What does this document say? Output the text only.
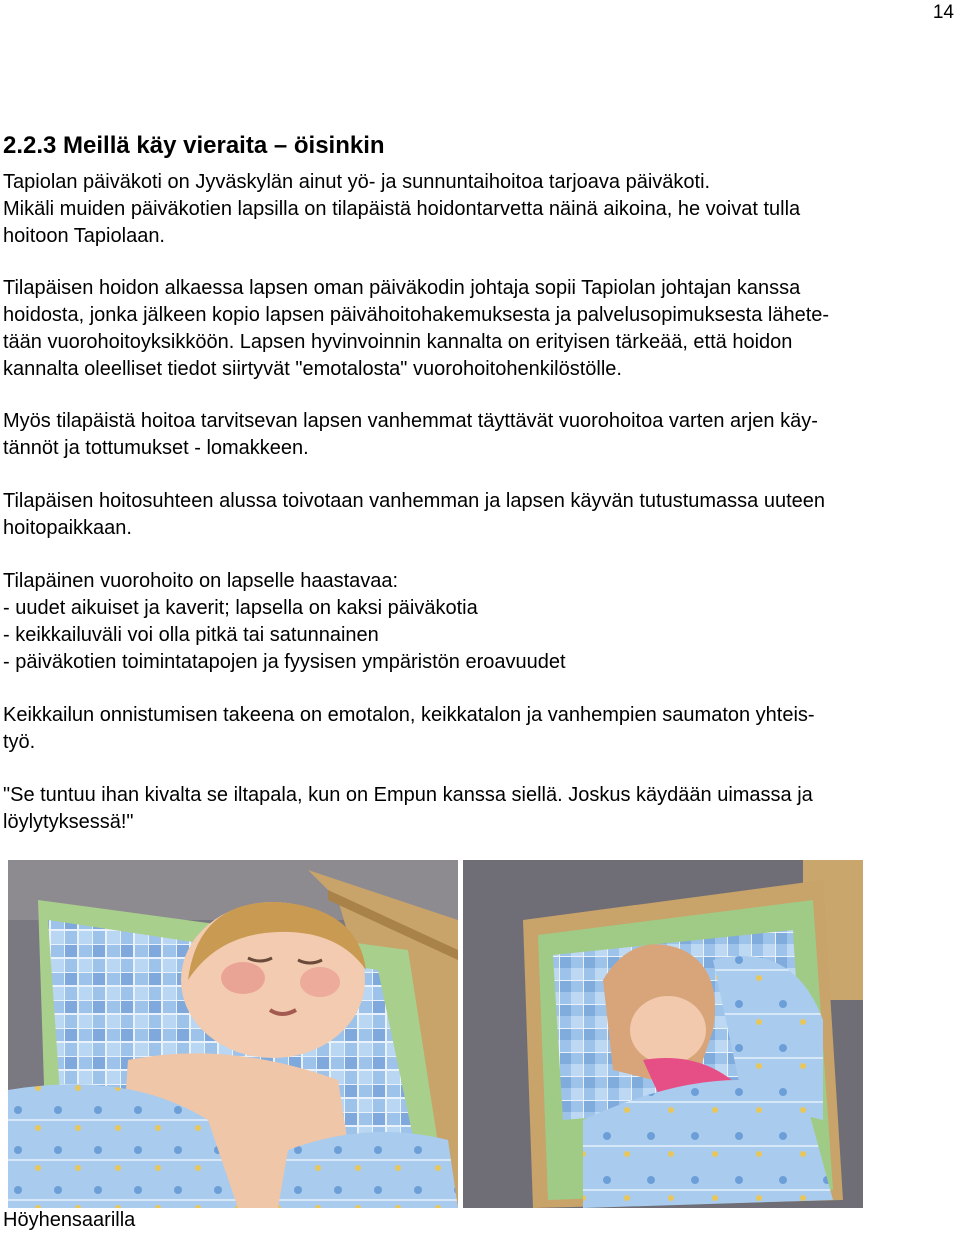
14
2.2.3 Meillä käy vieraita – öisinkin

Tapiolan päiväkoti on Jyväskylän ainut yö- ja sunnuntaihoitoa tarjoava päiväkoti.
Mikäli muiden päiväkotien lapsilla on tilapäistä hoidontarvetta näinä aikoina, he voivat tulla
hoitoon Tapiolaan.

Tilapäisen hoidon alkaessa lapsen oman päiväkodin johtaja sopii Tapiolan johtajan kanssa
hoidosta, jonka jälkeen kopio lapsen päivähoitohakemuksesta ja palvelusopimuksesta lähete-
tään vuorohoitoyksikköön. Lapsen hyvinvoinnin kannalta on erityisen tärkeää, että hoidon
kannalta oleelliset tiedot siirtyvät "emotalosta" vuorohoitohenkilöstölle.

Myös tilapäistä hoitoa tarvitsevan lapsen vanhemmat täyttävät vuorohoitoa varten arjen käy-
tännöt ja tottumukset - lomakkeen.

Tilapäisen hoitosuhteen alussa toivotaan vanhemman ja lapsen käyvän tutustumassa uuteen
hoitopaikkaan.

Tilapäinen vuorohoito on lapselle haastavaa:
- uudet aikuiset ja kaverit; lapsella on kaksi päiväkotia
- keikkailuväli voi olla pitkä tai satunnainen
- päiväkotien toimintatapojen ja fyysisen ympäristön eroavuudet

Keikkailun onnistumisen takeena on emotalon, keikkatalon ja vanhempien saumaton yhteis-
työ.

"Se tuntuu ihan kivalta se iltapala, kun on Empun kanssa siellä. Joskus käydään uimassa ja
löylytyksessä!"

Höyhensaarilla
